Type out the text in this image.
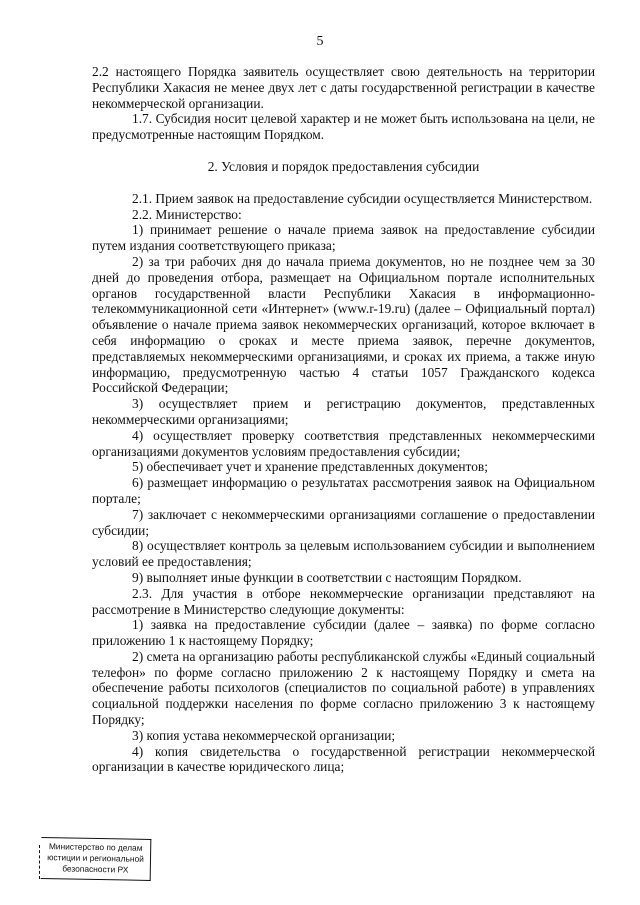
5

2.2 настоящего Порядка заявитель осуществляет свою деятельность на территории Республики Хакасия не менее двух лет с даты государственной регистрации в качестве некоммерческой организации.

1.7. Субсидия носит целевой характер и не может быть использована на цели, не предусмотренные настоящим Порядком.

2. Условия и порядок предоставления субсидии

2.1. Прием заявок на предоставление субсидии осуществляется Министерством.

2.2. Министерство:

1) принимает решение о начале приема заявок на предоставление субсидии путем издания соответствующего приказа;

2) за три рабочих дня до начала приема документов, но не позднее чем за 30 дней до проведения отбора, размещает на Официальном портале исполнительных органов государственной власти Республики Хакасия в информационно-телекоммуникационной сети «Интернет» (www.r-19.ru) (далее – Официальный портал) объявление о начале приема заявок некоммерческих организаций, которое включает в себя информацию о сроках и месте приема заявок, перечне документов, представляемых некоммерческими организациями, и сроках их приема, а также иную информацию, предусмотренную частью 4 статьи 1057 Гражданского кодекса Российской Федерации;

3) осуществляет прием и регистрацию документов, представленных некоммерческими организациями;

4) осуществляет проверку соответствия представленных некоммерческими организациями документов условиям предоставления субсидии;

5) обеспечивает учет и хранение представленных документов;

6) размещает информацию о результатах рассмотрения заявок на Официальном портале;

7) заключает с некоммерческими организациями соглашение о предоставлении субсидии;

8) осуществляет контроль за целевым использованием субсидии и выполнением условий ее предоставления;

9) выполняет иные функции в соответствии с настоящим Порядком.

2.3. Для участия в отборе некоммерческие организации представляют на рассмотрение в Министерство следующие документы:

1) заявка на предоставление субсидии (далее – заявка) по форме согласно приложению 1 к настоящему Порядку;

2) смета на организацию работы республиканской службы «Единый социальный телефон» по форме согласно приложению 2 к настоящему Порядку и смета на обеспечение работы психологов (специалистов по социальной работе) в управлениях социальной поддержки населения по форме согласно приложению 3 к настоящему Порядку;

3) копия устава некоммерческой организации;

4) копия свидетельства о государственной регистрации некоммерческой организации в качестве юридического лица;

Министерство по делам
юстиции и региональной
безопасности РХ
